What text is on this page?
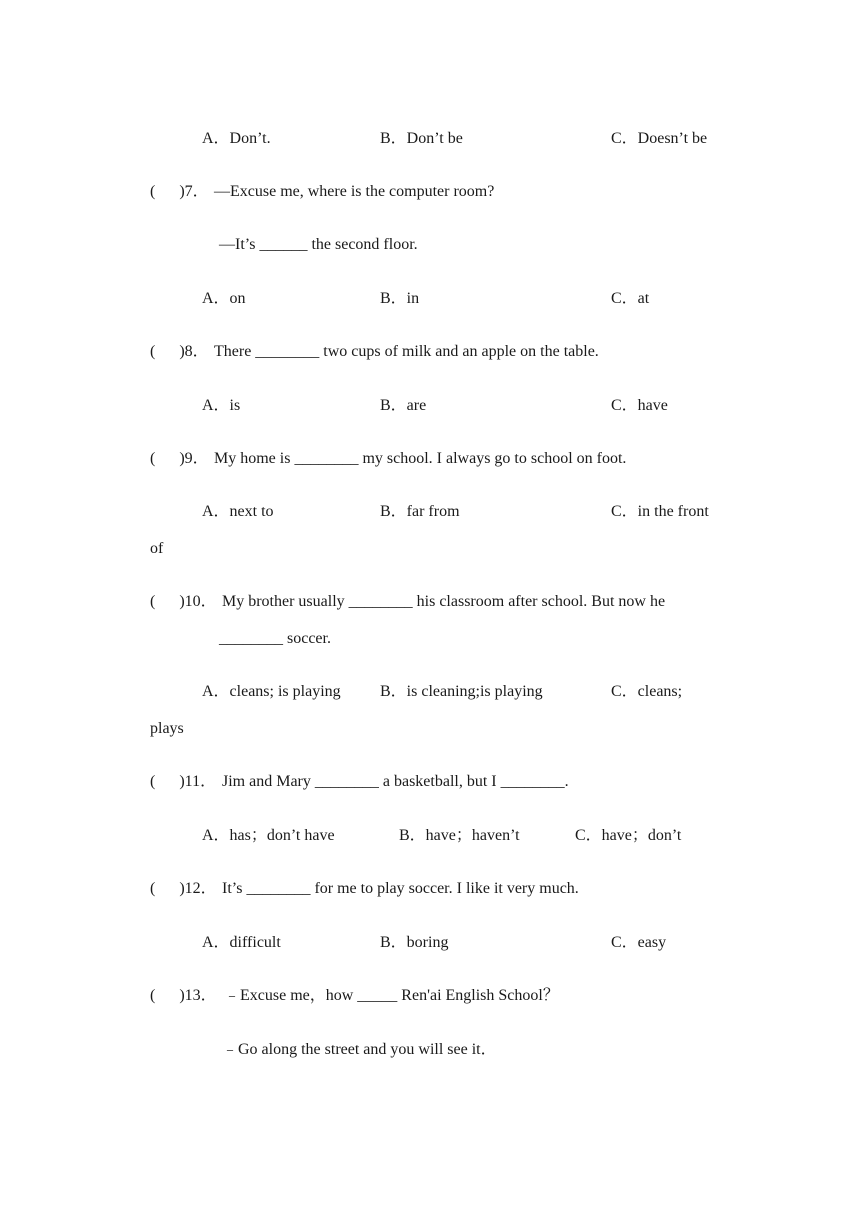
A．Don’t.	B．Don’t be	C．Doesn’t be
(      )7． —Excuse me, where is the computer room?
—It’s ______ the second floor.
A．on	B．in	C．at
(      )8． There ________ two cups of milk and an apple on the table.
A．is	B．are	C．have
(      )9． My home is ________ my school. I always go to school on foot.
A．next to	B．far from	C．in the front
of
(      )10． My brother usually ________ his classroom after school. But now he
________ soccer.
A．cleans; is playing B．is cleaning;is playing	C．cleans;
plays
(      )11． Jim and Mary ________ a basketball, but I ________.
A．has；don’t have	B．have；haven’t	C．have；don’t
(      )12． It’s ________ for me to play soccer. I like it very much.
A．difficult	B．boring	C．easy
(      )13． ﹣Excuse me，how _____ Ren'ai English School？
﹣Go along the street and you will see it．
